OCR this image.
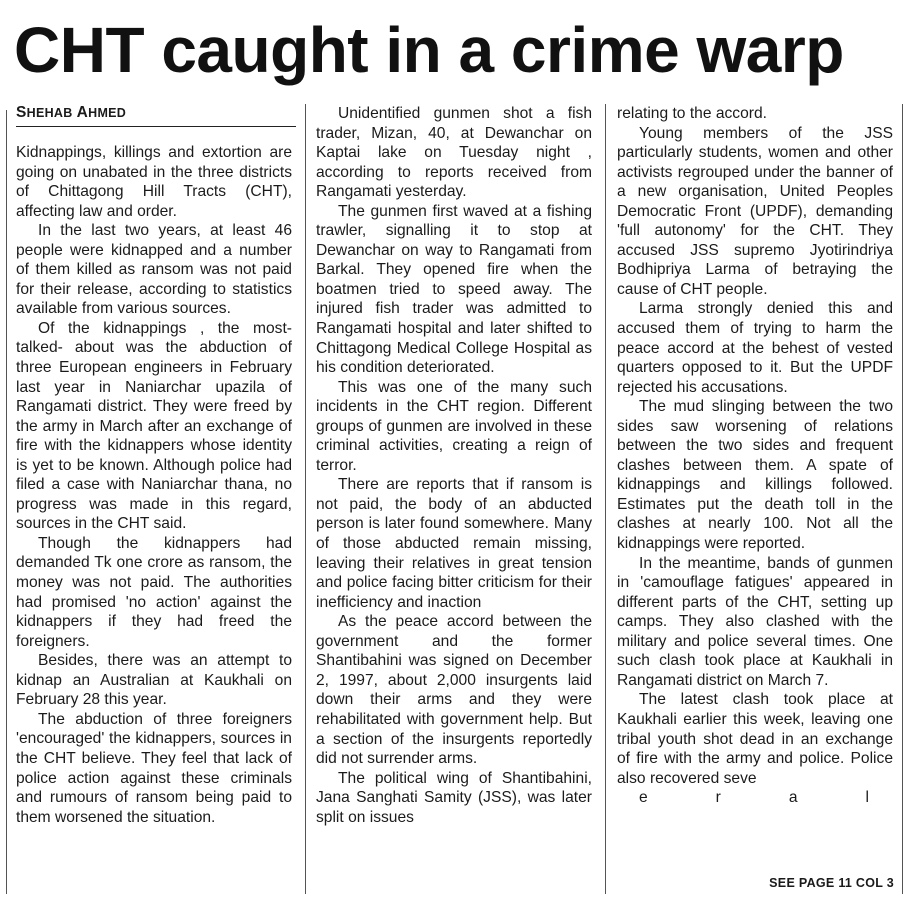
CHT caught in a crime warp
SHEHAB AHMED

Kidnappings, killings and extortion are going on unabated in the three districts of Chittagong Hill Tracts (CHT), affecting law and order.

In the last two years, at least 46 people were kidnapped and a number of them killed as ransom was not paid for their release, according to statistics available from various sources.

Of the kidnappings , the most-talked- about was the abduction of three European engineers in February last year in Naniarchar upazila of Rangamati district. They were freed by the army in March after an exchange of fire with the kidnappers whose identity is yet to be known. Although police had filed a case with Naniarchar thana, no progress was made in this regard, sources in the CHT said.

Though the kidnappers had demanded Tk one crore as ransom, the money was not paid. The authorities had promised 'no action' against the kidnappers if they had freed the foreigners.

Besides, there was an attempt to kidnap an Australian at Kaukhali on February 28 this year.

The abduction of three foreigners 'encouraged' the kidnappers, sources in the CHT believe. They feel that lack of police action against these criminals and rumours of ransom being paid to them worsened the situation.

Unidentified gunmen shot a fish trader, Mizan, 40, at Dewanchar on Kaptai lake on Tuesday night , according to reports received from Rangamati yesterday.

The gunmen first waved at a fishing trawler, signalling it to stop at Dewanchar on way to Rangamati from Barkal. They opened fire when the boatmen tried to speed away. The injured fish trader was admitted to Rangamati hospital and later shifted to Chittagong Medical College Hospital as his condition deteriorated.

This was one of the many such incidents in the CHT region. Different groups of gunmen are involved in these criminal activities, creating a reign of terror.

There are reports that if ransom is not paid, the body of an abducted person is later found somewhere. Many of those abducted remain missing, leaving their relatives in great tension and police facing bitter criticism for their inefficiency and inaction

As the peace accord between the government and the former Shantibahini was signed on December 2, 1997, about 2,000 insurgents laid down their arms and they were rehabilitated with government help. But a section of the insurgents reportedly did not surrender arms.

The political wing of Shantibahini, Jana Sanghati Samity (JSS), was later split on issues

relating to the accord.

Young members of the JSS particularly students, women and other activists regrouped under the banner of a new organisation, United Peoples Democratic Front (UPDF), demanding 'full autonomy' for the CHT. They accused JSS supremo Jyotirindriya Bodhipriya Larma of betraying the cause of CHT people.

Larma strongly denied this and accused them of trying to harm the peace accord at the behest of vested quarters opposed to it. But the UPDF rejected his accusations.

The mud slinging between the two sides saw worsening of relations between the two sides and frequent clashes between them. A spate of kidnappings and killings followed. Estimates put the death toll in the clashes at nearly 100. Not all the kidnappings were reported.

In the meantime, bands of gunmen in 'camouflage fatigues' appeared in different parts of the CHT, setting up camps. They also clashed with the military and police several times. One such clash took place at Kaukhali in Rangamati district on March 7.

The latest clash took place at Kaukhali earlier this week, leaving one tribal youth shot dead in an exchange of fire with the army and police. Police also recovered seve

e	r	a	l

SEE PAGE 11 COL 3
